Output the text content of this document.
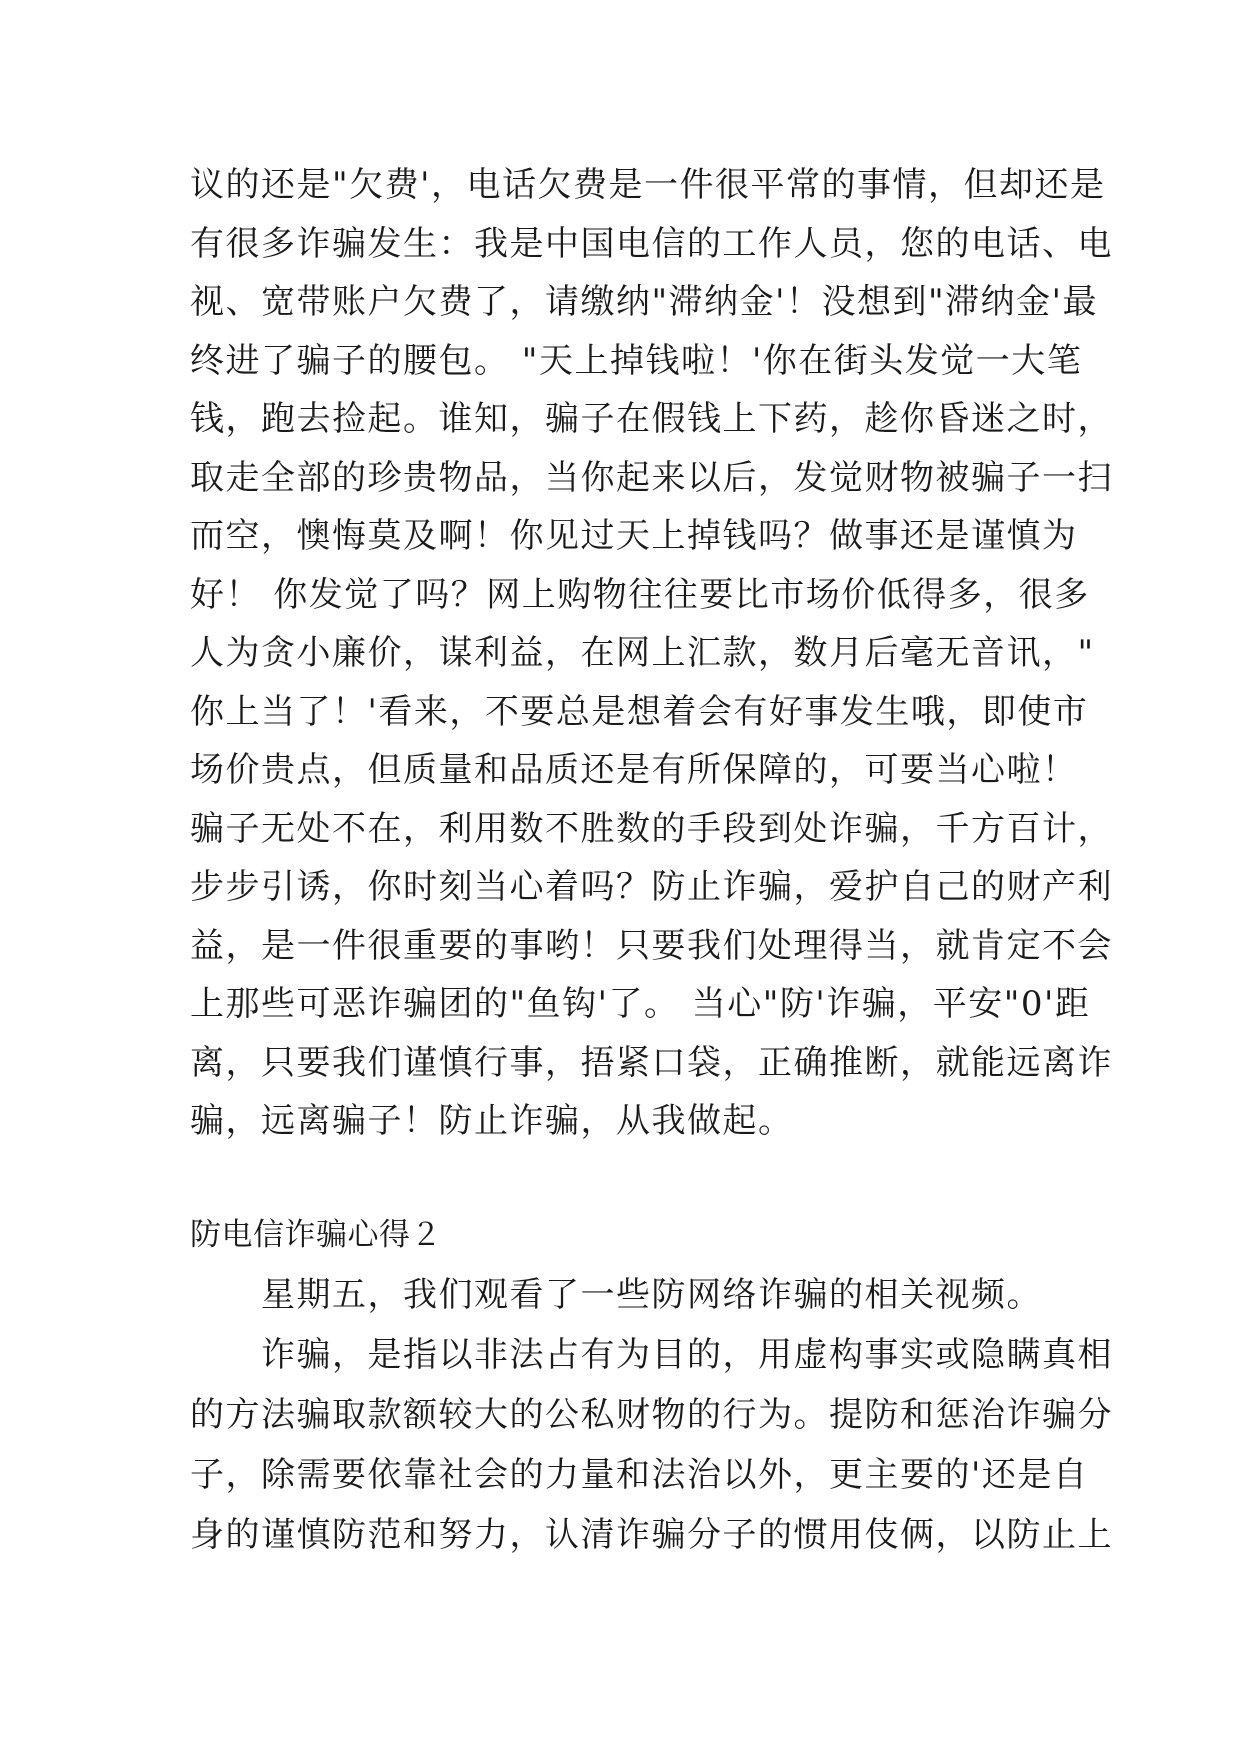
议的还是"欠费'，电话欠费是一件很平常的事情，但却还是
有很多诈骗发生：我是中国电信的工作人员，您的电话、电
视、宽带账户欠费了，请缴纳"滞纳金'！没想到"滞纳金'最
终进了骗子的腰包。 "天上掉钱啦！'你在街头发觉一大笔
钱，跑去捡起。谁知，骗子在假钱上下药，趁你昏迷之时，
取走全部的珍贵物品，当你起来以后，发觉财物被骗子一扫
而空，懊悔莫及啊！你见过天上掉钱吗？做事还是谨慎为
好！ 你发觉了吗？网上购物往往要比市场价低得多，很多
人为贪小廉价，谋利益，在网上汇款，数月后毫无音讯，"
你上当了！'看来，不要总是想着会有好事发生哦，即使市
场价贵点，但质量和品质还是有所保障的，可要当心啦！
骗子无处不在，利用数不胜数的手段到处诈骗，千方百计，
步步引诱，你时刻当心着吗？防止诈骗，爱护自己的财产利
益，是一件很重要的事哟！只要我们处理得当，就肯定不会
上那些可恶诈骗团的"鱼钩'了。 当心"防'诈骗，平安"0'距
离，只要我们谨慎行事，捂紧口袋，正确推断，就能远离诈
骗，远离骗子！防止诈骗，从我做起。
防电信诈骗心得２
　　星期五，我们观看了一些防网络诈骗的相关视频。
　　诈骗，是指以非法占有为目的，用虚构事实或隐瞒真相
的方法骗取款额较大的公私财物的行为。提防和惩治诈骗分
子，除需要依靠社会的力量和法治以外，更主要的'还是自
身的谨慎防范和努力，认清诈骗分子的惯用伎俩，以防止上
